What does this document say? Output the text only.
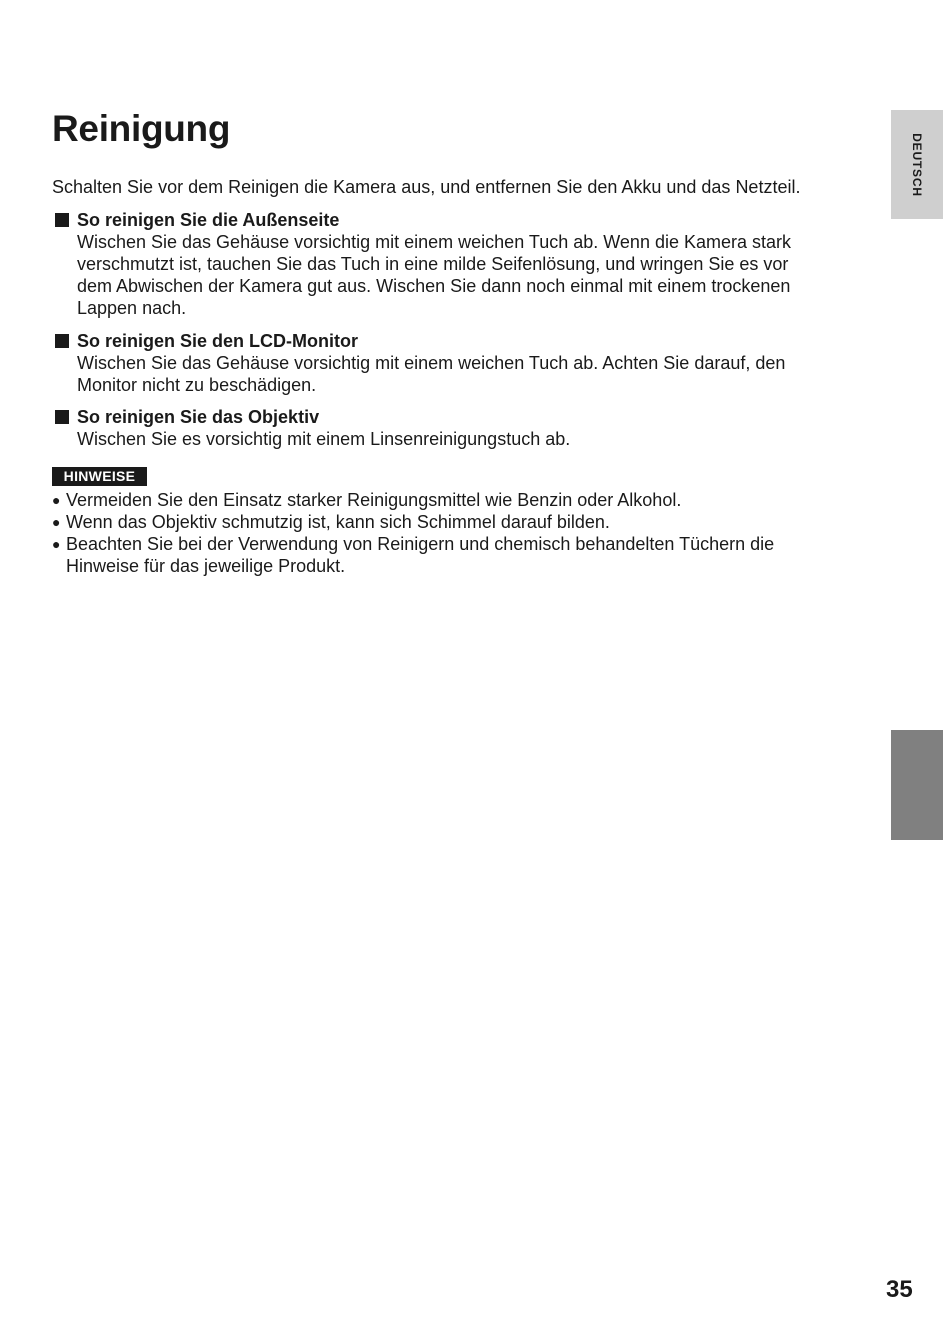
Reinigung
Schalten Sie vor dem Reinigen die Kamera aus, und entfernen Sie den Akku und das Netzteil.
So reinigen Sie die Außenseite
Wischen Sie das Gehäuse vorsichtig mit einem weichen Tuch ab. Wenn die Kamera stark
verschmutzt ist, tauchen Sie das Tuch in eine milde Seifenlösung, und wringen Sie es vor
dem Abwischen der Kamera gut aus. Wischen Sie dann noch einmal mit einem trockenen
Lappen nach.
So reinigen Sie den LCD-Monitor
Wischen Sie das Gehäuse vorsichtig mit einem weichen Tuch ab. Achten Sie darauf, den
Monitor nicht zu beschädigen.
So reinigen Sie das Objektiv
Wischen Sie es vorsichtig mit einem Linsenreinigungstuch ab.
HINWEISE
● Vermeiden Sie den Einsatz starker Reinigungsmittel wie Benzin oder Alkohol.
● Wenn das Objektiv schmutzig ist, kann sich Schimmel darauf bilden.
● Beachten Sie bei der Verwendung von Reinigern und chemisch behandelten Tüchern die
Hinweise für das jeweilige Produkt.
DEUTSCH
35
